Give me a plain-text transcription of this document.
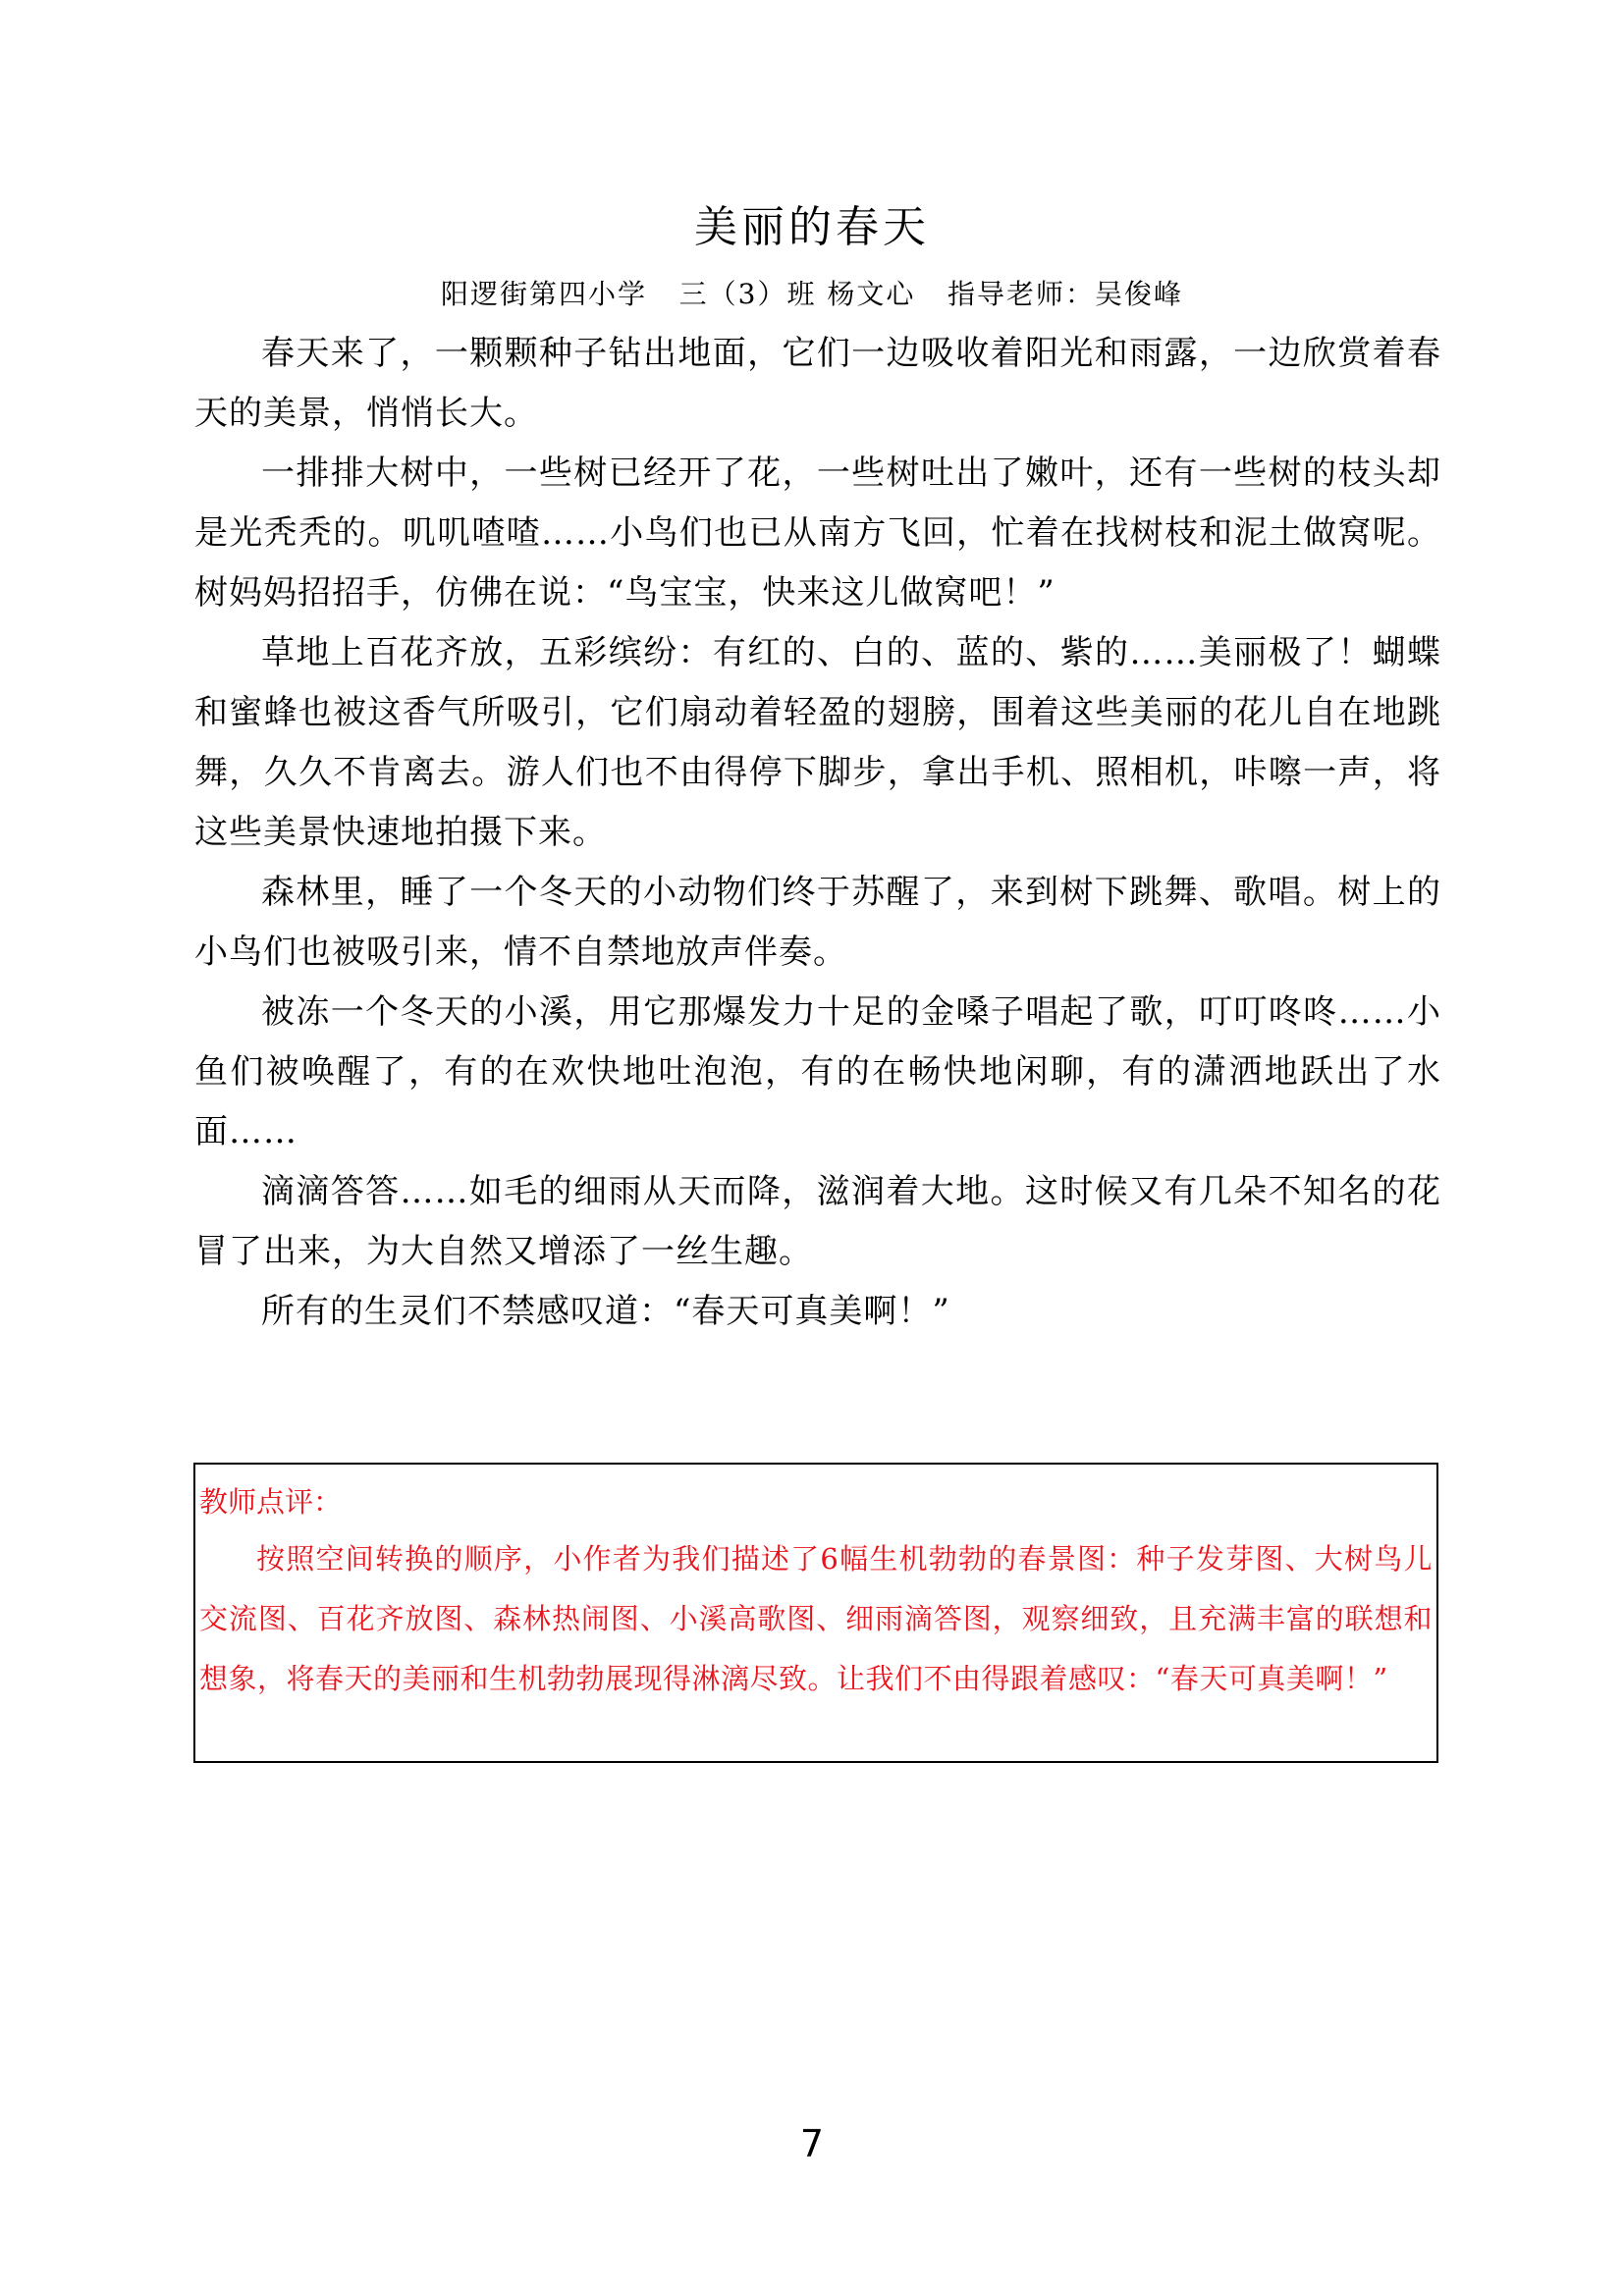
美丽的春天
阳逻街第四小学   三（3）班 杨文心   指导老师：吴俊峰

春天来了，一颗颗种子钻出地面，它们一边吸收着阳光和雨露，一边欣赏着春天的美景，悄悄长大。

一排排大树中，一些树已经开了花，一些树吐出了嫩叶，还有一些树的枝头却是光秃秃的。叽叽喳喳……小鸟们也已从南方飞回，忙着在找树枝和泥土做窝呢。树妈妈招招手，仿佛在说：“鸟宝宝，快来这儿做窝吧！”

草地上百花齐放，五彩缤纷：有红的、白的、蓝的、紫的……美丽极了！蝴蝶和蜜蜂也被这香气所吸引，它们扇动着轻盈的翅膀，围着这些美丽的花儿自在地跳舞，久久不肯离去。游人们也不由得停下脚步，拿出手机、照相机，咔嚓一声，将这些美景快速地拍摄下来。

森林里，睡了一个冬天的小动物们终于苏醒了，来到树下跳舞、歌唱。树上的小鸟们也被吸引来，情不自禁地放声伴奏。

被冻一个冬天的小溪，用它那爆发力十足的金嗓子唱起了歌，叮叮咚咚……小鱼们被唤醒了，有的在欢快地吐泡泡，有的在畅快地闲聊，有的潇洒地跃出了水面……

滴滴答答……如毛的细雨从天而降，滋润着大地。这时候又有几朵不知名的花冒了出来，为大自然又增添了一丝生趣。

所有的生灵们不禁感叹道：“春天可真美啊！”

教师点评：

按照空间转换的顺序，小作者为我们描述了6幅生机勃勃的春景图：种子发芽图、大树鸟儿交流图、百花齐放图、森林热闹图、小溪高歌图、细雨滴答图，观察细致，且充满丰富的联想和想象，将春天的美丽和生机勃勃展现得淋漓尽致。让我们不由得跟着感叹：“春天可真美啊！”

7
